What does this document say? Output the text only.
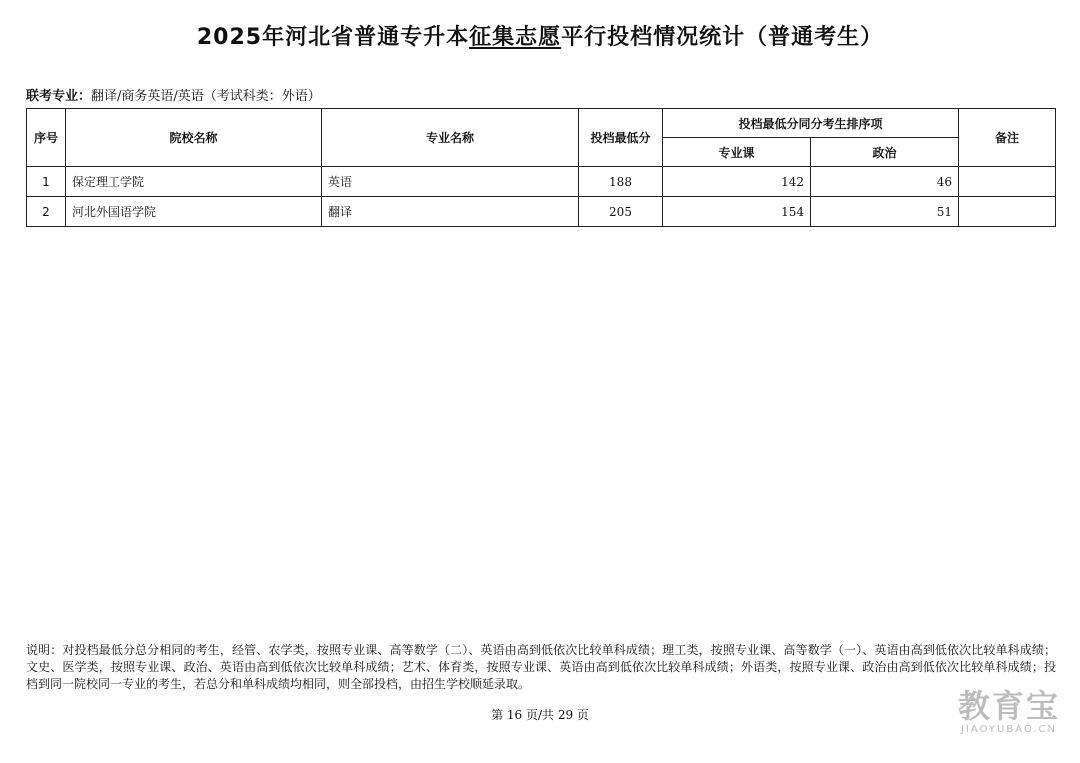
2025年河北省普通专升本征集志愿平行投档情况统计（普通考生）
联考专业：翻译/商务英语/英语（考试科类：外语）
序号	院校名称	专业名称	投档最低分	投档最低分同分考生排序项		备注
				专业课	政治	
1	保定理工学院	英语	188	142	46	
2	河北外国语学院	翻译	205	154	51	
说明：对投档最低分总分相同的考生，经管、农学类，按照专业课、高等数学（二）、英语由高到低依次比较单科成绩；理工类，按照专业课、高等数学（一）、英语由高到低依次比较单科成绩；文史、医学类，按照专业课、政治、英语由高到低依次比较单科成绩；艺术、体育类，按照专业课、英语由高到低依次比较单科成绩；外语类，按照专业课、政治由高到低依次比较单科成绩；投档到同一院校同一专业的考生，若总分和单科成绩均相同，则全部投档，由招生学校顺延录取。
第 16 页/共 29 页	教育宝
JIAOYUBAO.CN
